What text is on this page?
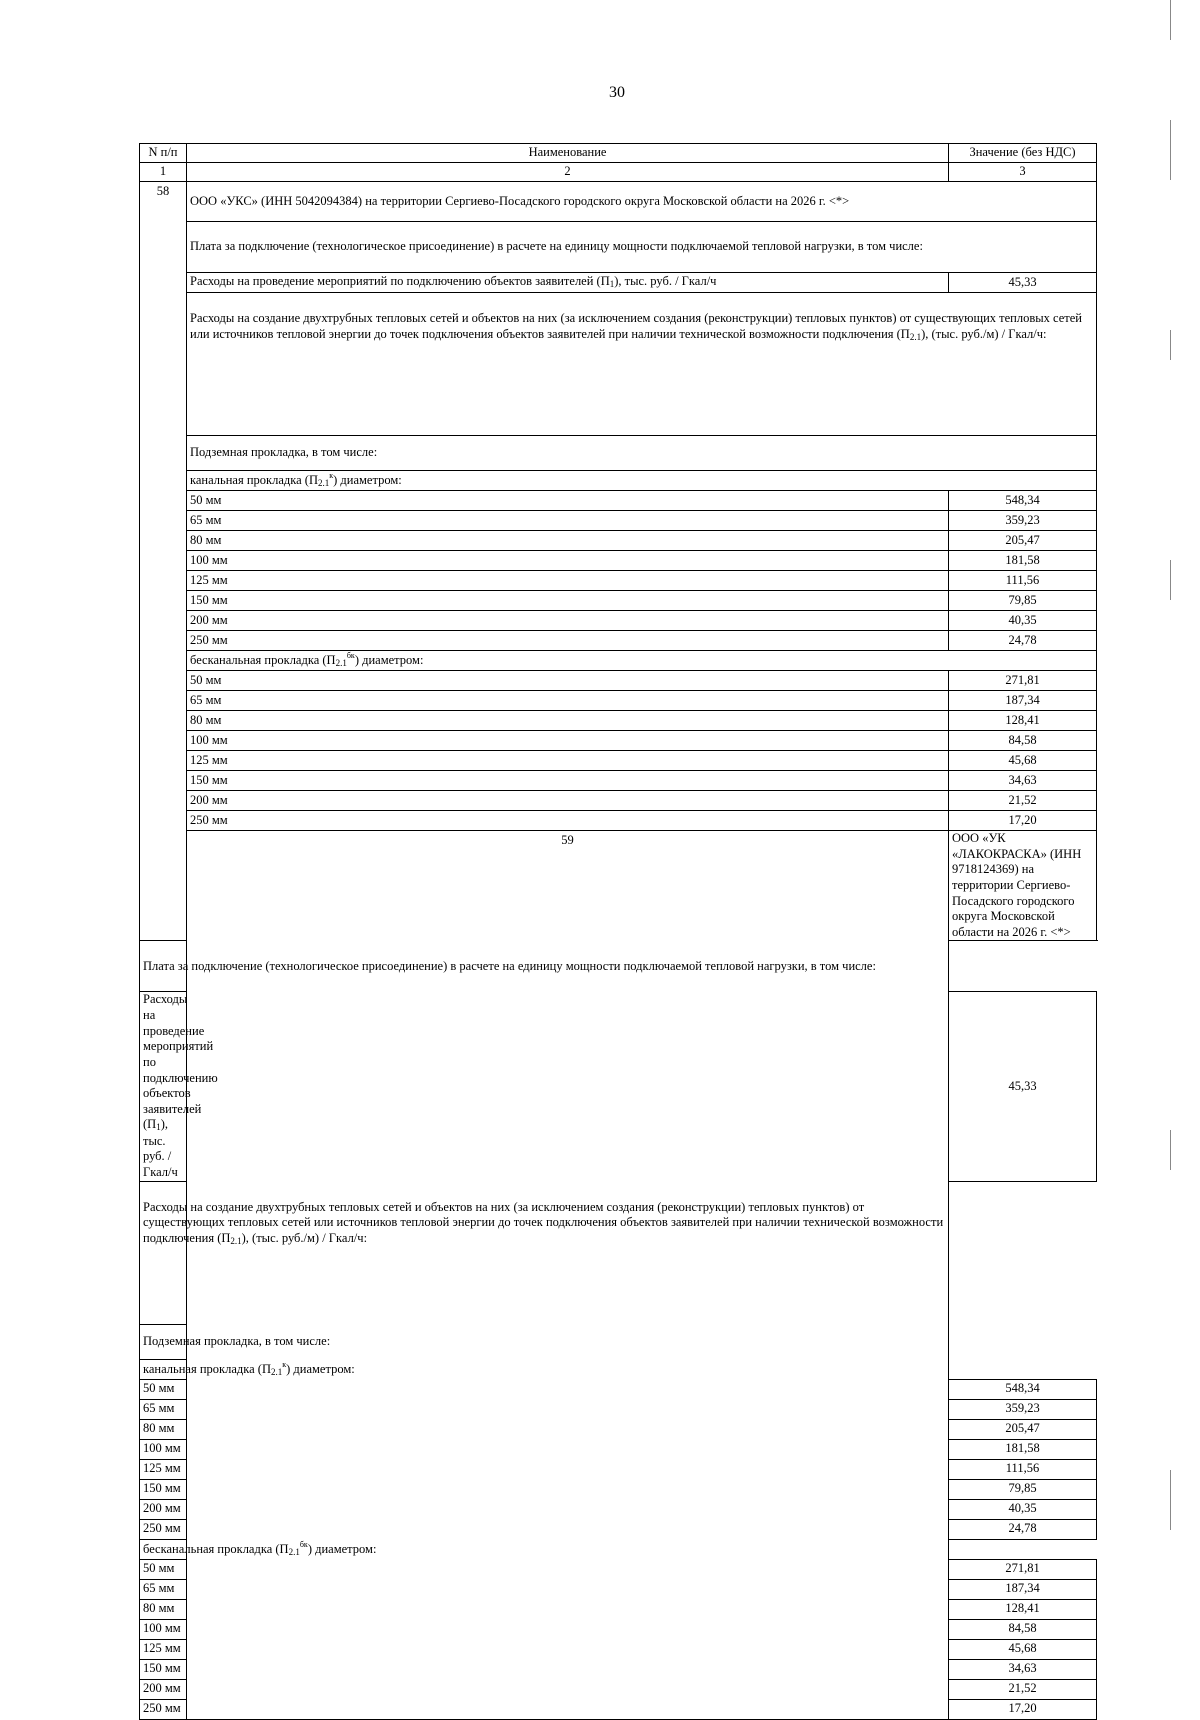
30
N п/п	Наименование	Значение (без НДС)
1	2	3
58	ООО «УКС» (ИНН 5042094384) на территории Сергиево-Посадского городского округа Московской области на 2026 г. <*>	
	Плата за подключение (технологическое присоединение) в расчете на единицу мощности подключаемой тепловой нагрузки, в том числе:	
	Расходы на проведение мероприятий по подключению объектов заявителей $(П_1)$, тыс. руб. / Гкал/ч	45,33
	Расходы на создание двухтрубных тепловых сетей и объектов на них (за исключением создания (реконструкции) тепловых пунктов) от существующих тепловых сетей или источников тепловой энергии до точек подключения объектов заявителей при наличии технической возможности подключения $(П_{2.1})$, (тыс. руб./м) / Гкал/ч:	
	Подземная прокладка, в том числе:	
	канальная прокладка $(П_{2.1}^к)$ диаметром:	
	50 мм	548,34
	65 мм	359,23
	80 мм	205,47
	100 мм	181,58
	125 мм	111,56
	150 мм	79,85
	200 мм	40,35
	250 мм	24,78
	бесканальная прокладка $(П_{2.1}^{бк})$ диаметром:	
	50 мм	271,81
	65 мм	187,34
	80 мм	128,41
	100 мм	84,58
	125 мм	45,68
	150 мм	34,63
	200 мм	21,52
	250 мм	17,20
	59	ООО «УК «ЛАКОКРАСКА» (ИНН 9718124369) на территории Сергиево-Посадского городского округа Московской области на 2026 г. <*>
Плата за подключение (технологическое присоединение) в расчете на единицу мощности подключаемой тепловой нагрузки, в том числе:		
Расходы на проведение мероприятий по подключению объектов заявителей $(П_1)$, тыс. руб. / Гкал/ч		45,33
Расходы на создание двухтрубных тепловых сетей и объектов на них (за исключением создания (реконструкции) тепловых пунктов) от существующих тепловых сетей или источников тепловой энергии до точек подключения объектов заявителей при наличии технической возможности подключения $(П_{2.1})$, (тыс. руб./м) / Гкал/ч:		
Подземная прокладка, в том числе:		
канальная прокладка $(П_{2.1}^к)$ диаметром:		
50 мм		548,34
65 мм		359,23
80 мм		205,47
100 мм		181,58
125 мм		111,56
150 мм		79,85
200 мм		40,35
250 мм		24,78
бесканальная прокладка $(П_{2.1}^{бк})$ диаметром:		
50 мм		271,81
65 мм		187,34
80 мм		128,41
100 мм		84,58
125 мм		45,68
150 мм		34,63
200 мм		21,52
250 мм		17,20
